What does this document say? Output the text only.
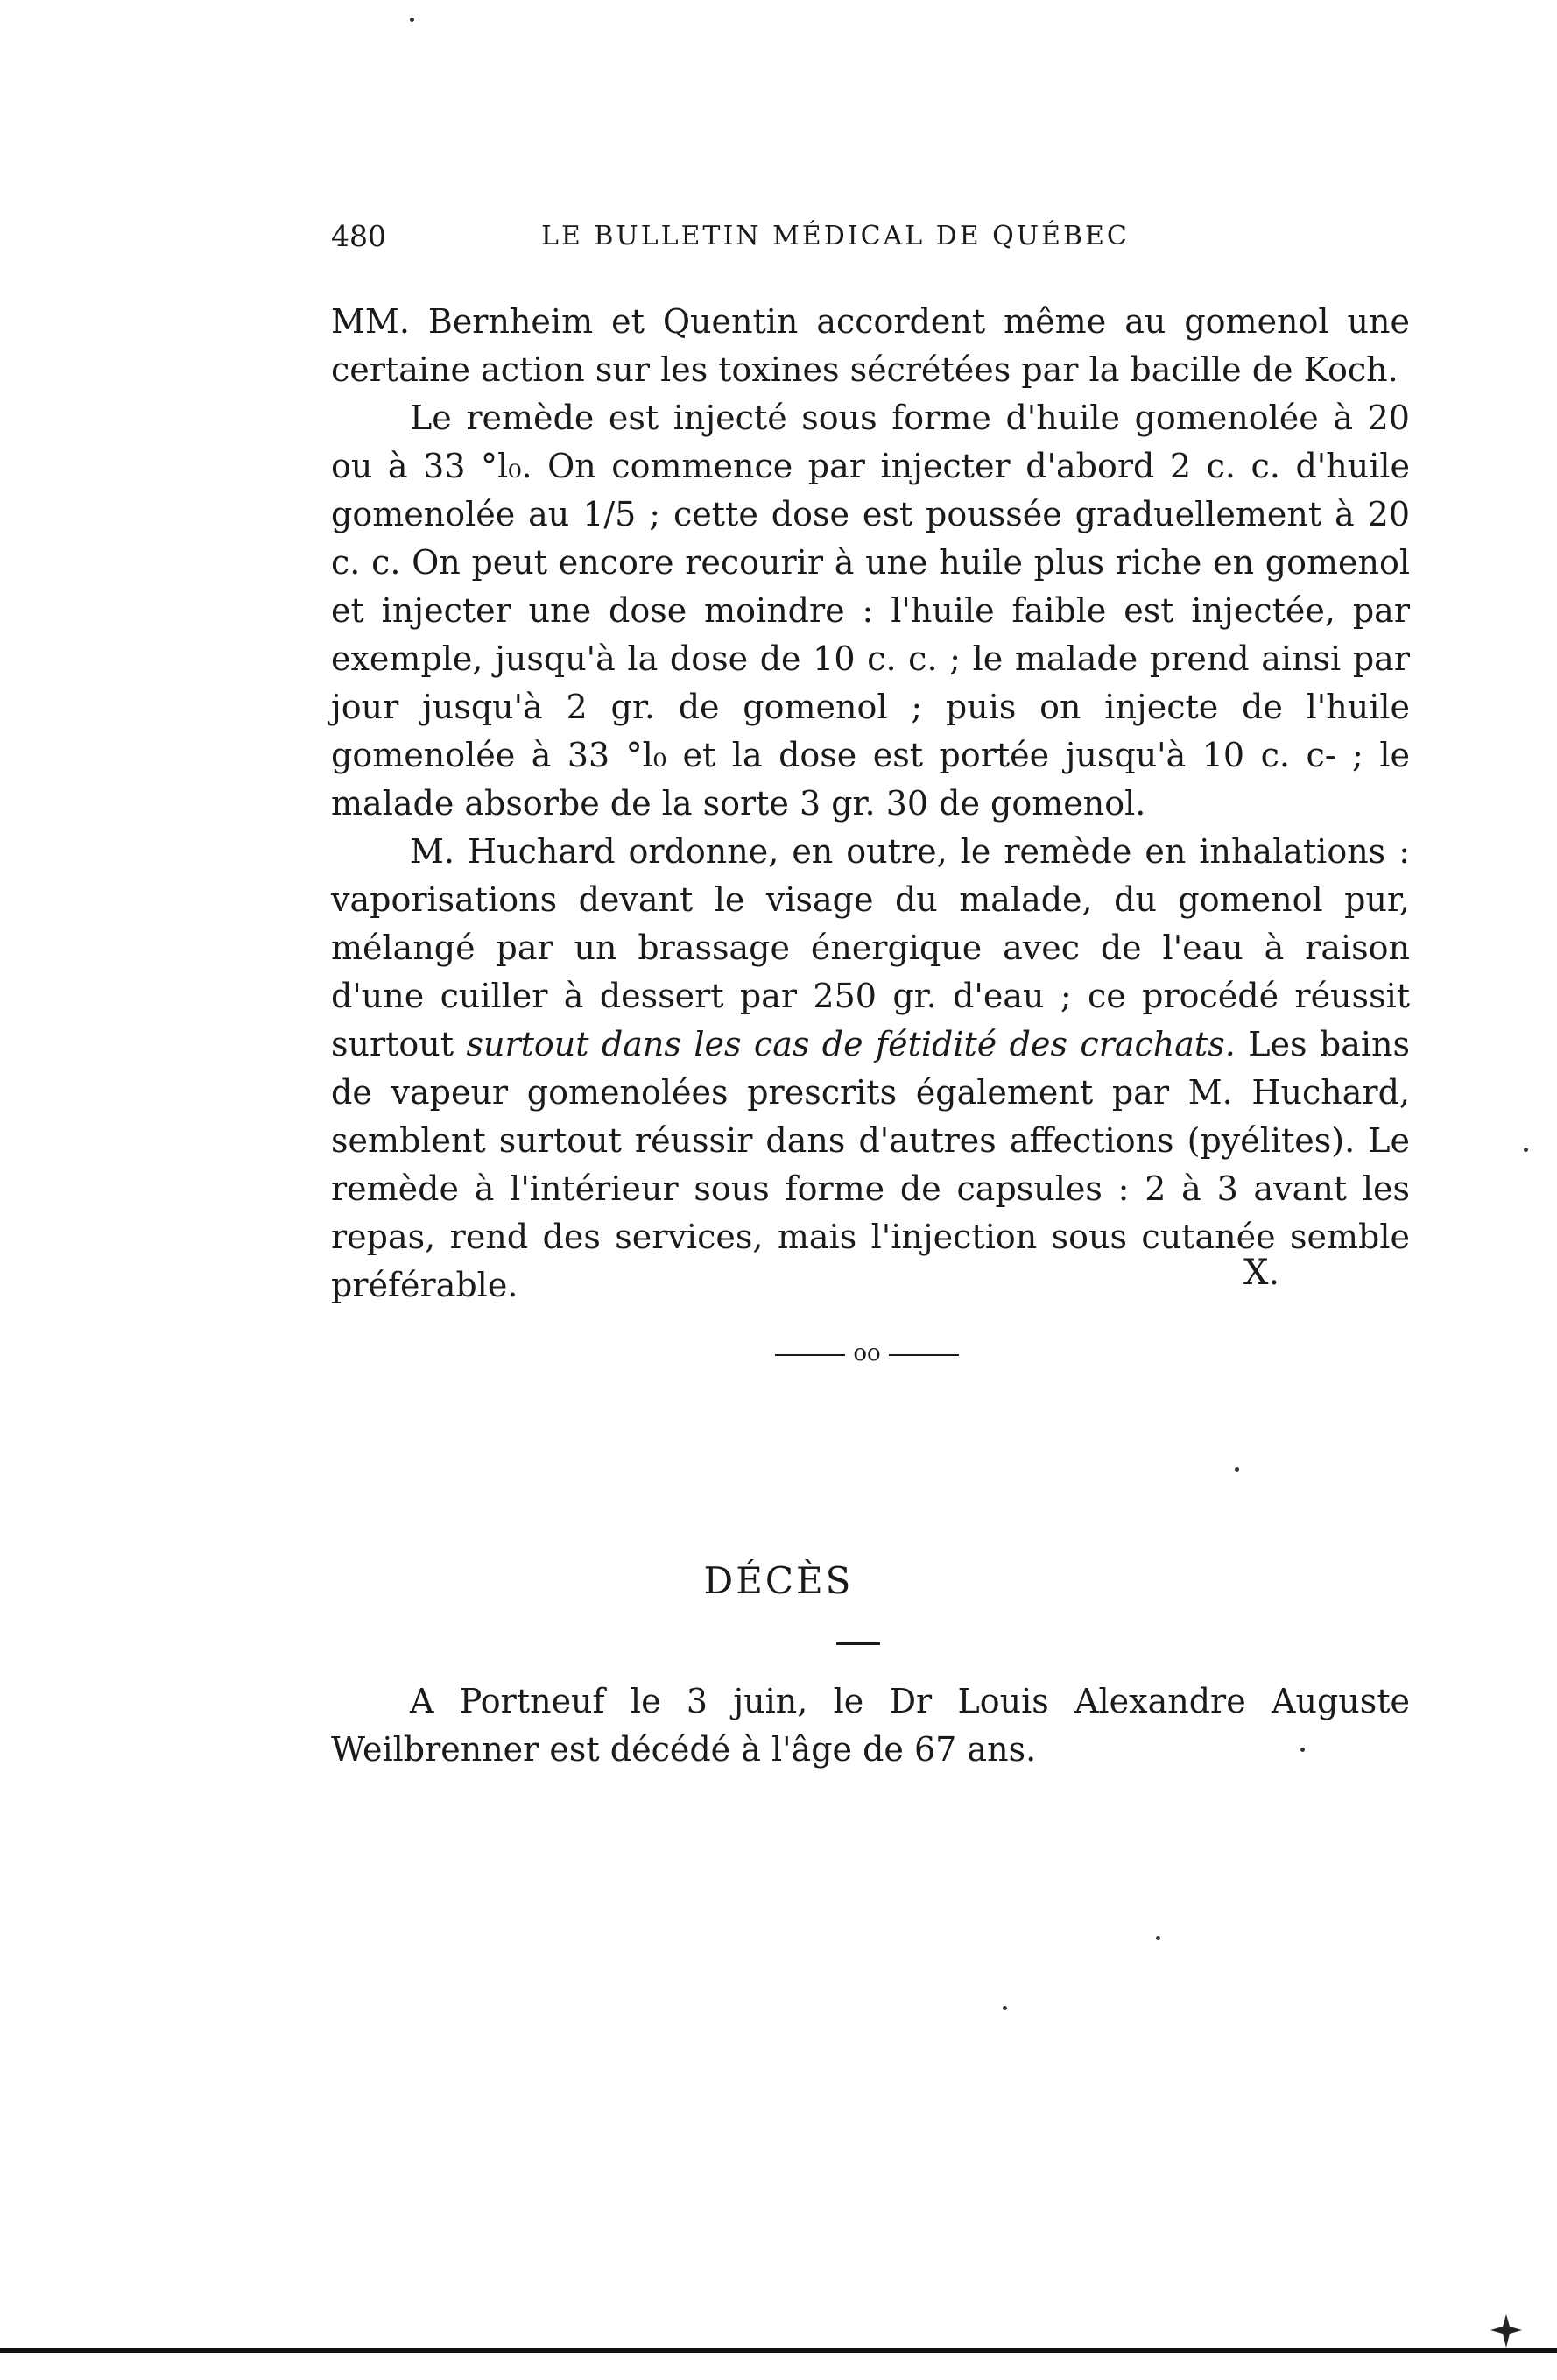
480	LE BULLETIN MÉDICAL DE QUÉBEC

MM. Bernheim et Quentin accordent même au gomenol une certaine action sur les toxines sécrétées par la bacille de Koch.

Le remède est injecté sous forme d'huile gomenolée à 20 ou à 33 °l₀. On commence par injecter d'abord 2 c. c. d'huile gomenolée au 1/5 ; cette dose est poussée graduellement à 20 c. c. On peut encore recourir à une huile plus riche en gomenol et injecter une dose moindre : l'huile faible est injectée, par exemple, jusqu'à la dose de 10 c. c. ; le malade prend ainsi par jour jusqu'à 2 gr. de gomenol ; puis on injecte de l'huile gomenolée à 33 °l₀ et la dose est portée jusqu'à 10 c. c- ; le malade absorbe de la sorte 3 gr. 30 de gomenol.

M. Huchard ordonne, en outre, le remède en inhalations : vaporisations devant le visage du malade, du gomenol pur, mélangé par un brassage énergique avec de l'eau à raison d'une cuiller à dessert par 250 gr. d'eau ; ce procédé réussit surtout surtout dans les cas de fétidité des crachats. Les bains de vapeur gomenolées prescrits également par M. Huchard, semblent surtout réussir dans d'autres affections (pyélites). Le remède à l'intérieur sous forme de capsules : 2 à 3 avant les repas, rend des services, mais l'injection sous cutanée semble préférable.	X.
oo
DÉCÈS

A Portneuf le 3 juin, le Dr Louis Alexandre Auguste Weilbrenner est décédé à l'âge de 67 ans.
